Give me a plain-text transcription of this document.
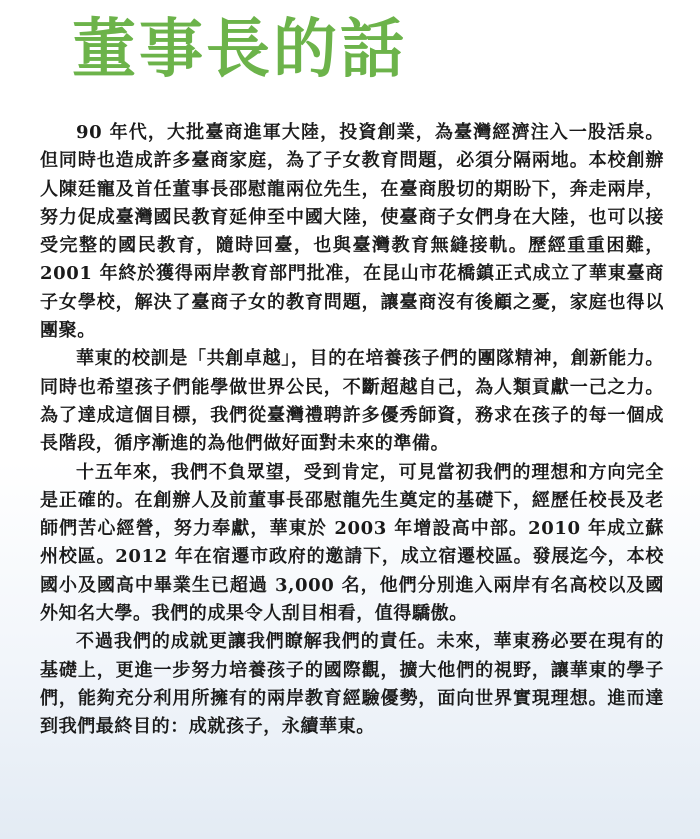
董事長的話

90 年代，大批臺商進軍大陸，投資創業，為臺灣經濟注入一股活泉。但同時也造成許多臺商家庭，為了子女教育問題，必須分隔兩地。本校創辦人陳廷寵及首任董事長邵慰龍兩位先生，在臺商殷切的期盼下，奔走兩岸，努力促成臺灣國民教育延伸至中國大陸，使臺商子女們身在大陸，也可以接受完整的國民教育，隨時回臺，也與臺灣教育無縫接軌。歷經重重困難，2001 年終於獲得兩岸教育部門批准，在昆山市花橋鎮正式成立了華東臺商子女學校，解決了臺商子女的教育問題，讓臺商沒有後顧之憂，家庭也得以團聚。

華東的校訓是「共創卓越」，目的在培養孩子們的團隊精神，創新能力。同時也希望孩子們能學做世界公民，不斷超越自己，為人類貢獻一己之力。為了達成這個目標，我們從臺灣禮聘許多優秀師資，務求在孩子的每一個成長階段，循序漸進的為他們做好面對未來的準備。

十五年來，我們不負眾望，受到肯定，可見當初我們的理想和方向完全是正確的。在創辦人及前董事長邵慰龍先生奠定的基礎下，經歷任校長及老師們苦心經營，努力奉獻，華東於 2003 年增設高中部。2010 年成立蘇州校區。2012 年在宿遷市政府的邀請下，成立宿遷校區。發展迄今，本校國小及國高中畢業生已超過 3,000 名，他們分別進入兩岸有名高校以及國外知名大學。我們的成果令人刮目相看，值得驕傲。

不過我們的成就更讓我們瞭解我們的責任。未來，華東務必要在現有的基礎上，更進一步努力培養孩子的國際觀，擴大他們的視野，讓華東的學子們，能夠充分利用所擁有的兩岸教育經驗優勢，面向世界實現理想。進而達到我們最終目的：成就孩子，永續華東。
